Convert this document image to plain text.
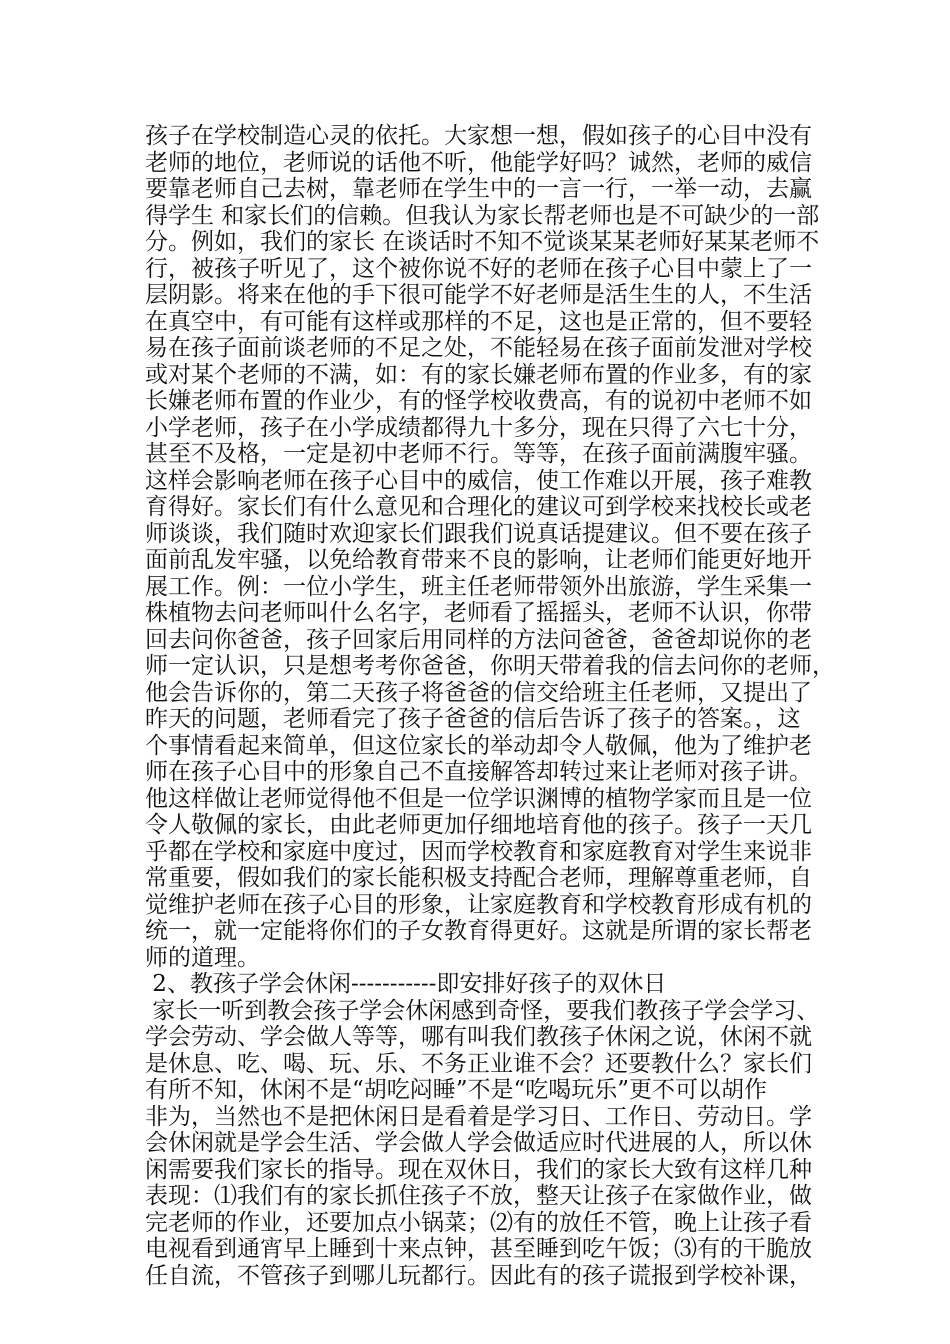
孩子在学校制造心灵的依托。大家想一想，假如孩子的心目中没有
老师的地位，老师说的话他不听，他能学好吗？诚然，老师的威信
要靠老师自己去树，靠老师在学生中的一言一行，一举一动，去赢
得学生 和家长们的信赖。但我认为家长帮老师也是不可缺少的一部
分。例如，我们的家长 在谈话时不知不觉谈某某老师好某某老师不
行，被孩子听见了，这个被你说不好的老师在孩子心目中蒙上了一
层阴影。将来在他的手下很可能学不好老师是活生生的人，不生活
在真空中，有可能有这样或那样的不足，这也是正常的，但不要轻
易在孩子面前谈老师的不足之处，不能轻易在孩子面前发泄对学校
或对某个老师的不满，如：有的家长嫌老师布置的作业多，有的家
长嫌老师布置的作业少，有的怪学校收费高，有的说初中老师不如
小学老师，孩子在小学成绩都得九十多分，现在只得了六七十分，
甚至不及格，一定是初中老师不行。等等，在孩子面前满腹牢骚。
这样会影响老师在孩子心目中的威信，使工作难以开展，孩子难教
育得好。家长们有什么意见和合理化的建议可到学校来找校长或老
师谈谈，我们随时欢迎家长们跟我们说真话提建议。但不要在孩子
面前乱发牢骚，以免给教育带来不良的影响，让老师们能更好地开
展工作。例：一位小学生，班主任老师带领外出旅游，学生采集一
株植物去问老师叫什么名字，老师看了摇摇头，老师不认识，你带
回去问你爸爸，孩子回家后用同样的方法问爸爸，爸爸却说你的老
师一定认识，只是想考考你爸爸，你明天带着我的信去问你的老师，
他会告诉你的，第二天孩子将爸爸的信交给班主任老师，又提出了
昨天的问题，老师看完了孩子爸爸的信后告诉了孩子的答案。，这
个事情看起来简单，但这位家长的举动却令人敬佩，他为了维护老
师在孩子心目中的形象自己不直接解答却转过来让老师对孩子讲。
他这样做让老师觉得他不但是一位学识渊博的植物学家而且是一位
令人敬佩的家长，由此老师更加仔细地培育他的孩子。孩子一天几
乎都在学校和家庭中度过，因而学校教育和家庭教育对学生来说非
常重要，假如我们的家长能积极支持配合老师，理解尊重老师，自
觉维护老师在孩子心目的形象，让家庭教育和学校教育形成有机的
统一，就一定能将你们的子女教育得更好。这就是所谓的家长帮老
师的道理。
2、教孩子学会休闲-----------即安排好孩子的双休日
家长一听到教会孩子学会休闲感到奇怪，要我们教孩子学会学习、
学会劳动、学会做人等等，哪有叫我们教孩子休闲之说，休闲不就
是休息、吃、喝、玩、乐、不务正业谁不会？还要教什么？家长们
有所不知，休闲不是“胡吃闷睡”不是“吃喝玩乐”更不可以胡作
非为，当然也不是把休闲日是看着是学习日、工作日、劳动日。学
会休闲就是学会生活、学会做人学会做适应时代进展的人，所以休
闲需要我们家长的指导。现在双休日，我们的家长大致有这样几种
表现：⑴我们有的家长抓住孩子不放，整天让孩子在家做作业，做
完老师的作业，还要加点小锅菜；⑵有的放任不管，晚上让孩子看
电视看到通宵早上睡到十来点钟，甚至睡到吃午饭；⑶有的干脆放
任自流，不管孩子到哪儿玩都行。因此有的孩子谎报到学校补课，
